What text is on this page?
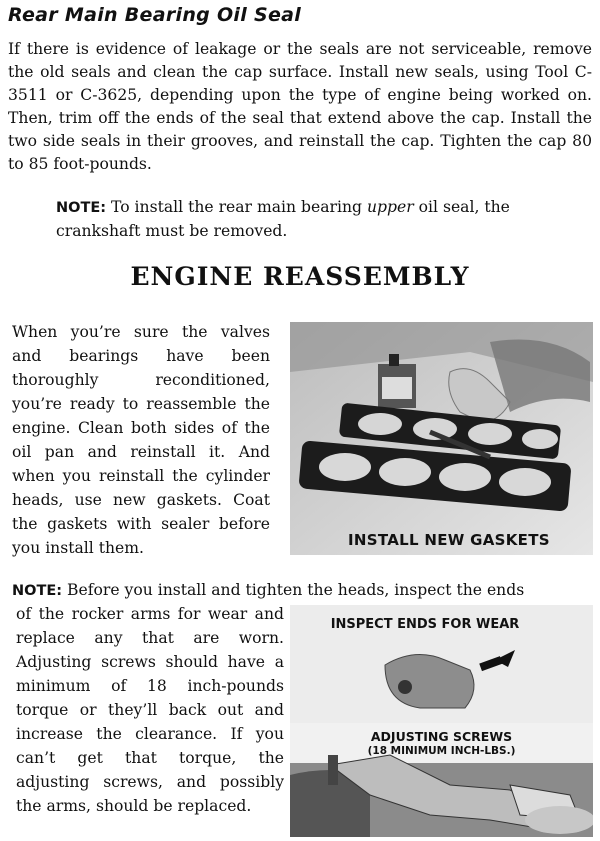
Rear Main Bearing Oil Seal
If there is evidence of leakage or the seals are not serviceable, remove the old seals and clean the cap surface. Install new seals, using Tool C-3511 or C-3625, depending upon the type of engine being worked on. Then, trim off the ends of the seal that extend above the cap. Install the two side seals in their grooves, and reinstall the cap. Tighten the cap 80 to 85 foot-pounds.
NOTE: To install the rear main bearing upper oil seal, the crankshaft must be removed.
ENGINE REASSEMBLY
When you’re sure the valves and bearings have been thoroughly reconditioned, you’re ready to reassemble the engine. Clean both sides of the oil pan and reinstall it. And when you reinstall the cylinder heads, use new gaskets. Coat the gaskets with sealer before you install them.	INSTALL NEW GASKETS
NOTE: Before you install and tighten the heads, inspect the ends
of the rocker arms for wear and replace any that are worn. Adjusting screws should have a minimum of 18 inch-pounds torque or they’ll back out and increase the clearance. If you can’t get that torque, the adjusting screws, and possibly the arms, should be replaced.
INSPECT ENDS FOR WEAR
ADJUSTING SCREWS
(18 MINIMUM INCH-LBS.)
